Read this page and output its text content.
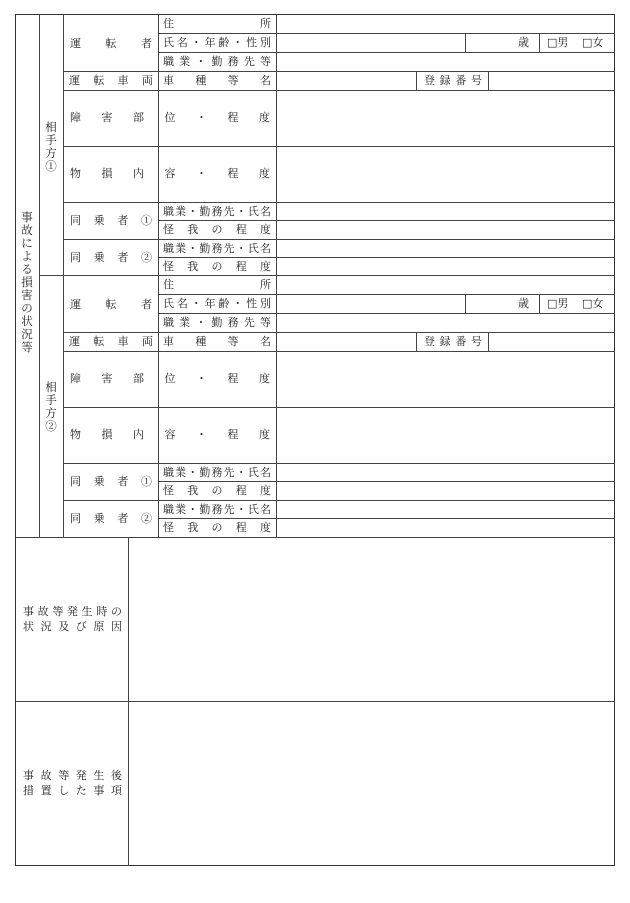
事故による損害の状況等
相手方①
相手方②
運　転　者
住所
氏名・年齢・性別
職業・勤務先等
歳 □男 □女
運転車両 車種等名	登録番号
障害部位・程度
物損内容・程度
同乗者①
職業・勤務先・氏名
怪我の程度
同乗者②
職業・勤務先・氏名
怪我の程度
運　転　者
住所
氏名・年齢・性別
職業・勤務先等
歳 □男 □女
運転車両 車種等名	登録番号
障害部位・程度
物損内容・程度
同乗者①
職業・勤務先・氏名
怪我の程度
同乗者②
職業・勤務先・氏名
怪我の程度
事故等発生時の
状況及び原因
事故等発生後
措置した事項
